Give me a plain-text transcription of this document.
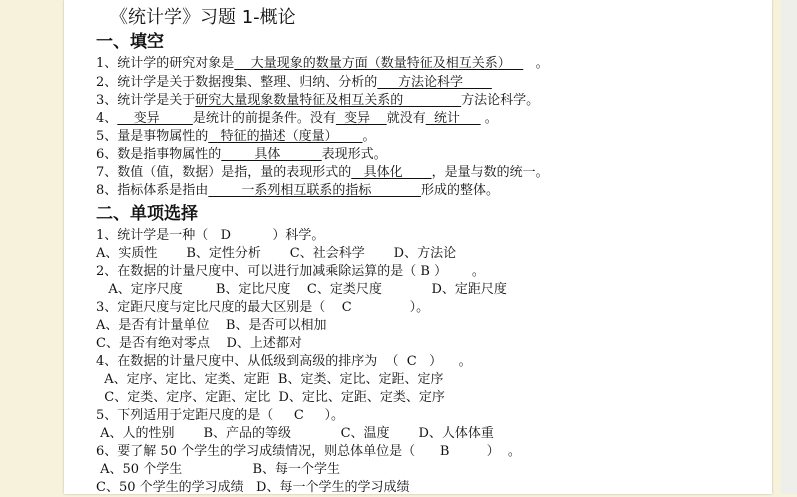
《统计学》习题 1-概论
一、填空
1、统计学的研究对象是    大量现象的数量方面（数量特征及相互关系）      。
2、统计学是关于数据搜集、整理、归纳、分析的     方法论科学
3、统计学是关于研究大量现象数量特征及相互关系的              方法论科学。
4、    变异        是统计的前提条件。没有  变异    就没有  统计      。
5、量是事物属性的   特征的描述（度量）      。
6、数是指事物属性的        具体          表现形式。
7、数值（值，数据）是指，量的表现形式的   具体化       ，是量与数的统一。
8、指标体系是指由        一系列相互联系的指标            形成的整体。
二、单项选择
1、统计学是一种（   D          ）科学。
A、实质性       B、定性分析       C、社会科学       D、方法论
2、在数据的计量尺度中、可以进行加减乘除运算的是（ B ）      。
A、定序尺度        B、定比尺度    C、定类尺度            D、定距尺度
3、定距尺度与定比尺度的最大区别是（    C              ）。
A、是否有计量单位    B、是否可以相加
C、是否有绝对零点    D、上述都对
4、在数据的计量尺度中、从低级到高级的排序为  （  C   ）    。
A、定序、定比、定类、定距  B、定类、定比、定距、定序
C、定类、定序、定距、定比  D、定比、定距、定类、定序
5、下列适用于定距尺度的是（     C     ）。
A、人的性别       B、产品的等级            C、温度       D、人体体重
6、要了解 50 个学生的学习成绩情况，则总体单位是（      B         ）  。
A、50 个学生                 B、每一个学生
C、50 个学生的学习成绩   D、每一个学生的学习成绩
